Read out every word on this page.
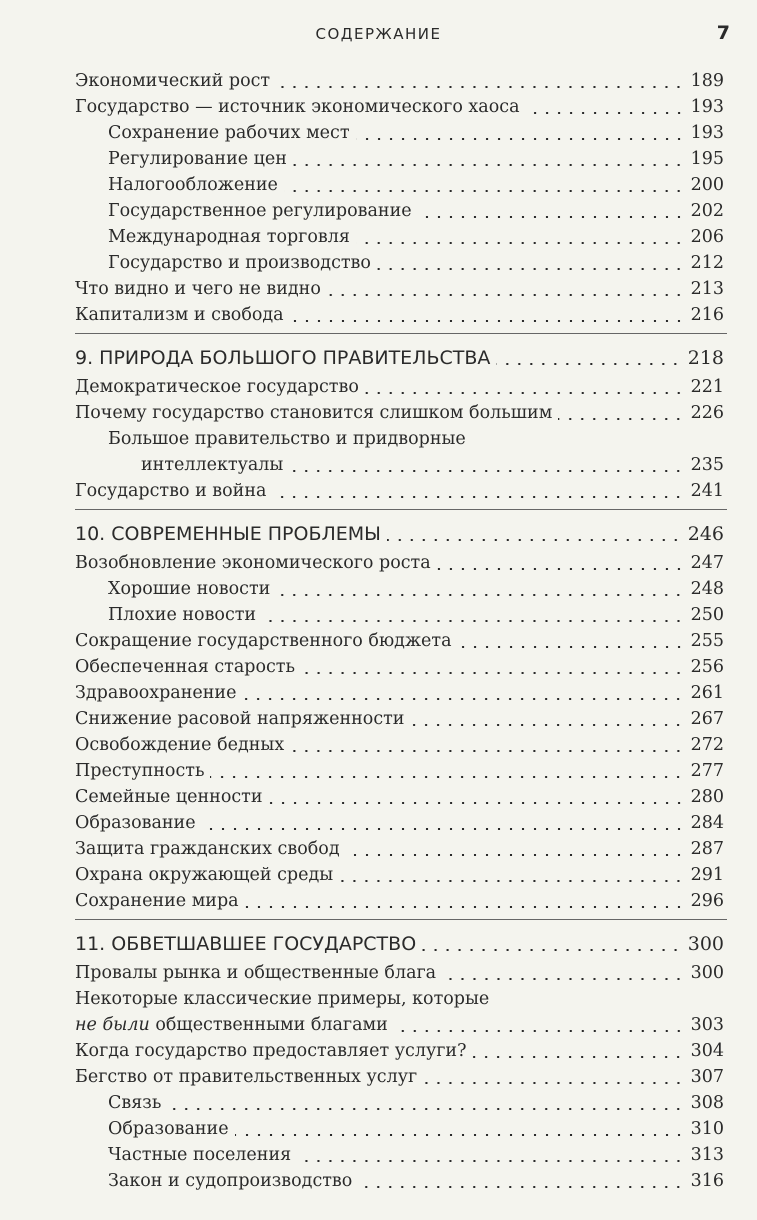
СОДЕРЖАНИЕ	7
Экономический рост	189
Государство — источник экономического хаоса	193
Сохранение рабочих мест	193
Регулирование цен	195
Налогообложение	200
Государственное регулирование	202
Международная торговля	206
Государство и производство	212
Что видно и чего не видно	213
Капитализм и свобода	216
9. ПРИРОДА БОЛЬШОГО ПРАВИТЕЛЬСТВА	218
Демократическое государство	221
Почему государство становится слишком большим	226
Большое правительство и придворные
интеллектуалы	235
Государство и война	241
10. СОВРЕМЕННЫЕ ПРОБЛЕМЫ	246
Возобновление экономического роста	247
Хорошие новости	248
Плохие новости	250
Сокращение государственного бюджета	255
Обеспеченная старость	256
Здравоохранение	261
Снижение расовой напряженности	267
Освобождение бедных	272
Преступность	277
Семейные ценности	280
Образование	284
Защита гражданских свобод	287
Охрана окружающей среды	291
Сохранение мира	296
11. ОБВЕТШАВШЕЕ ГОСУДАРСТВО	300
Провалы рынка и общественные блага	300
Некоторые классические примеры, которые
не были общественными благами	303
Когда государство предоставляет услуги?	304
Бегство от правительственных услуг	307
Связь	308
Образование	310
Частные поселения	313
Закон и судопроизводство	316
